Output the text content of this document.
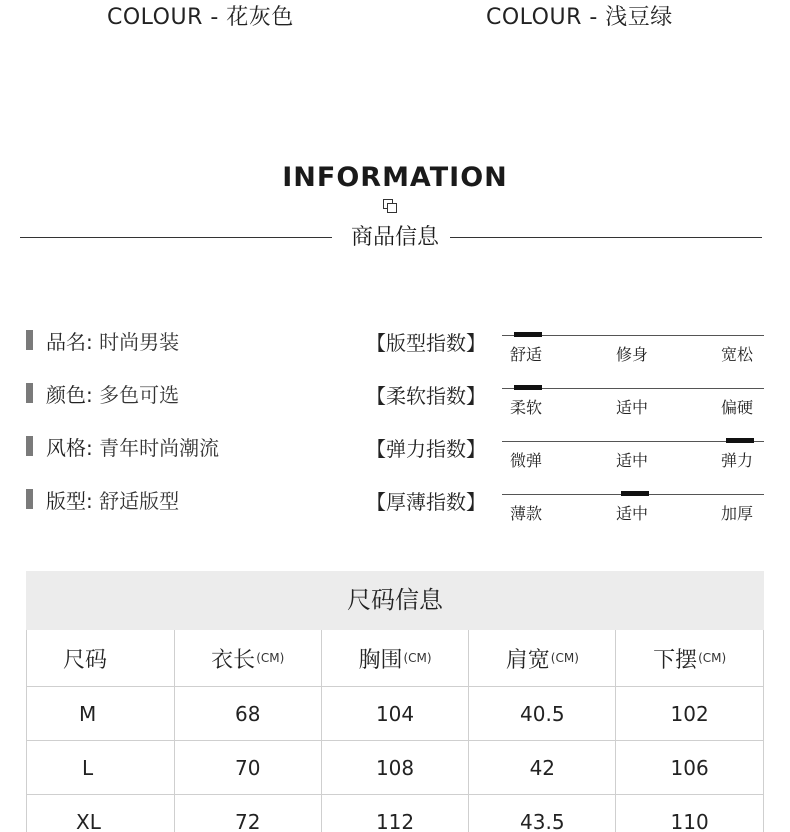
COLOUR - 花灰色	COLOUR - 浅豆绿
INFORMATION
商品信息
品名: 时尚男装
颜色: 多色可选
风格: 青年时尚潮流
版型: 舒适版型
【版型指数】
【柔软指数】
【弹力指数】
【厚薄指数】
舒适	修身	宽松
柔软	适中	偏硬
微弹	适中	弹力
薄款	适中	加厚
尺码信息
尺码	衣长 (CM)	胸围 (CM)	肩宽 (CM)	下摆 (CM)
M	68	104	40.5	102
L	70	108	42	106
XL	72	112	43.5	110
